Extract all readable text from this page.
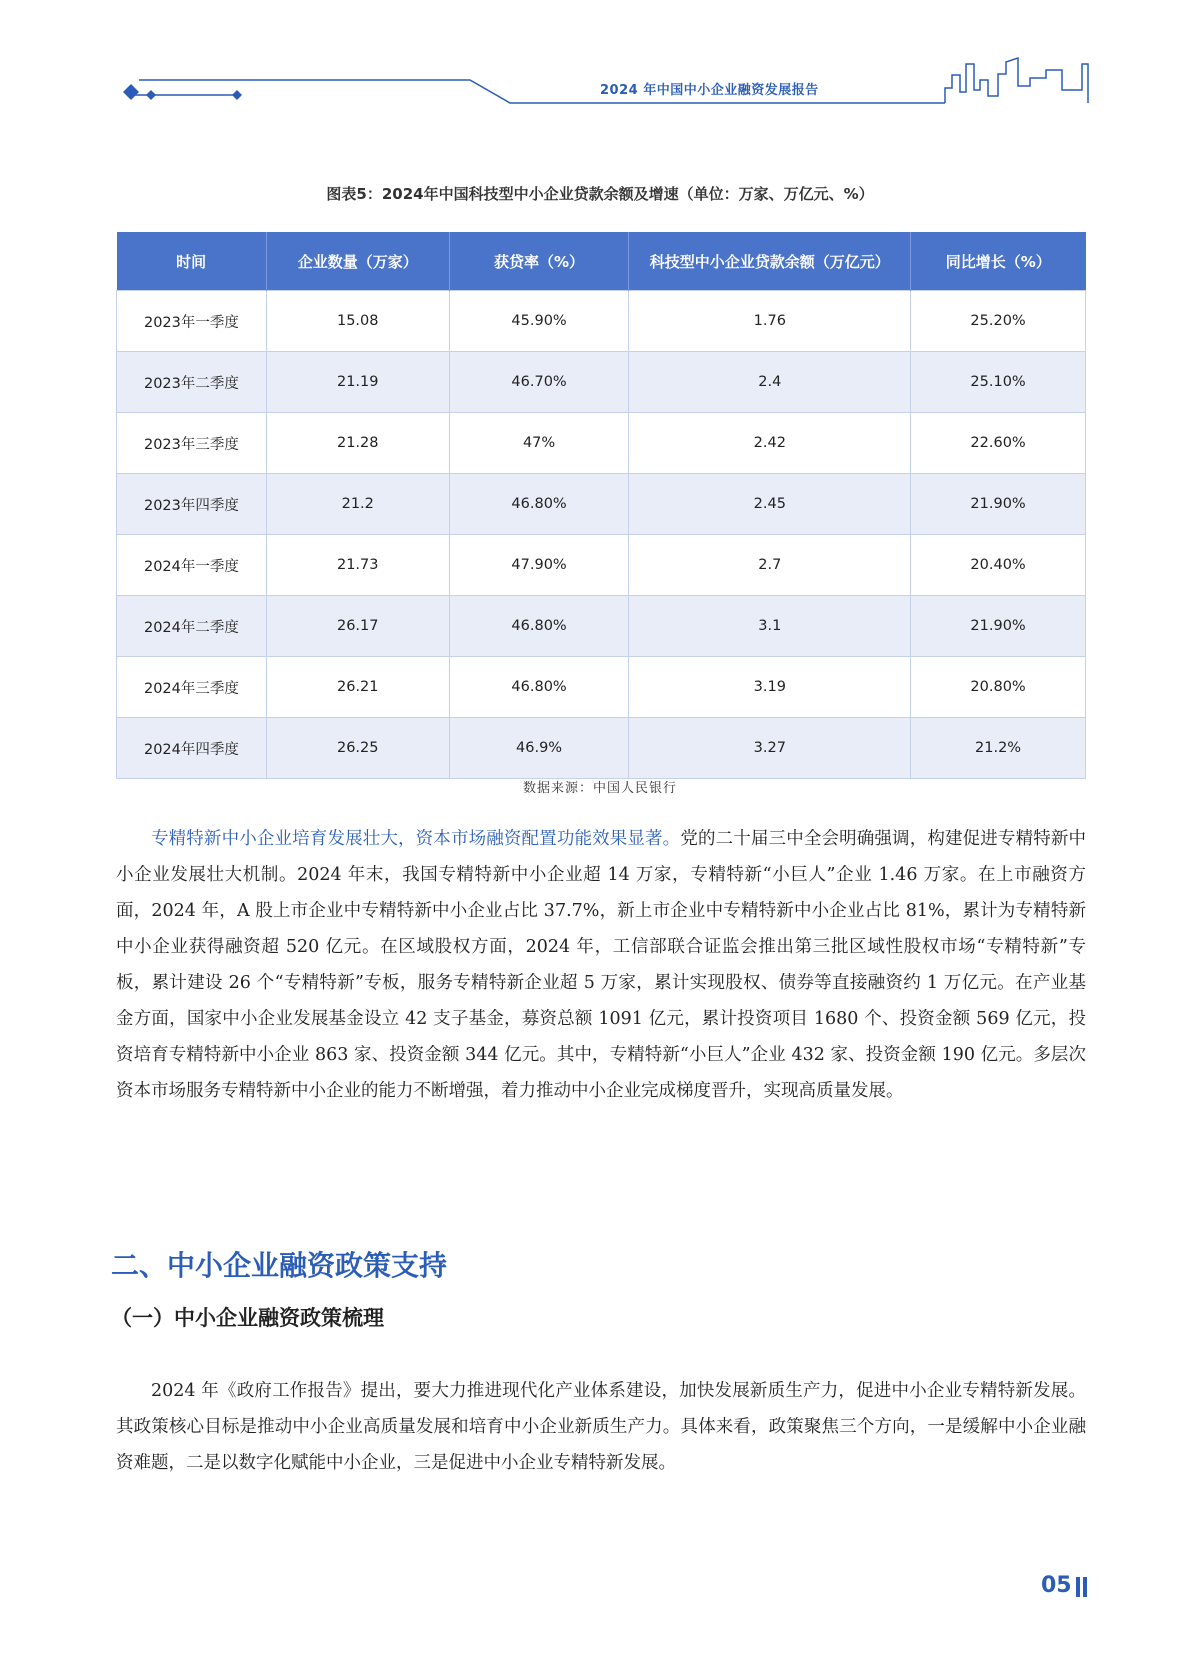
2024 年中国中小企业融资发展报告
图表5：2024年中国科技型中小企业贷款余额及增速（单位：万家、万亿元、%）
时间	企业数量（万家）	获贷率（%）	科技型中小企业贷款余额（万亿元）	同比增长（%）
2023年一季度	15.08	45.90%	1.76	25.20%
2023年二季度	21.19	46.70%	2.4	25.10%
2023年三季度	21.28	47%	2.42	22.60%
2023年四季度	21.2	46.80%	2.45	21.90%
2024年一季度	21.73	47.90%	2.7	20.40%
2024年二季度	26.17	46.80%	3.1	21.90%
2024年三季度	26.21	46.80%	3.19	20.80%
2024年四季度	26.25	46.9%	3.27	21.2%
数据来源：中国人民银行

专精特新中小企业培育发展壮大，资本市场融资配置功能效果显著。党的二十届三中全会明确强调，构建促进专精特新中小企业发展壮大机制。2024 年末，我国专精特新中小企业超 14 万家，专精特新“小巨人”企业 1.46 万家。在上市融资方面，2024 年，A 股上市企业中专精特新中小企业占比 37.7%，新上市企业中专精特新中小企业占比 81%，累计为专精特新中小企业获得融资超 520 亿元。在区域股权方面，2024 年，工信部联合证监会推出第三批区域性股权市场“专精特新”专板，累计建设 26 个“专精特新”专板，服务专精特新企业超 5 万家，累计实现股权、债券等直接融资约 1 万亿元。在产业基金方面，国家中小企业发展基金设立 42 支子基金，募资总额 1091 亿元，累计投资项目 1680 个、投资金额 569 亿元，投资培育专精特新中小企业 863 家、投资金额 344 亿元。其中，专精特新“小巨人”企业 432 家、投资金额 190 亿元。多层次资本市场服务专精特新中小企业的能力不断增强，着力推动中小企业完成梯度晋升，实现高质量发展。

二、中小企业融资政策支持
（一）中小企业融资政策梳理

2024 年《政府工作报告》提出，要大力推进现代化产业体系建设，加快发展新质生产力，促进中小企业专精特新发展。其政策核心目标是推动中小企业高质量发展和培育中小企业新质生产力。具体来看，政策聚焦三个方向，一是缓解中小企业融资难题，二是以数字化赋能中小企业，三是促进中小企业专精特新发展。

05
